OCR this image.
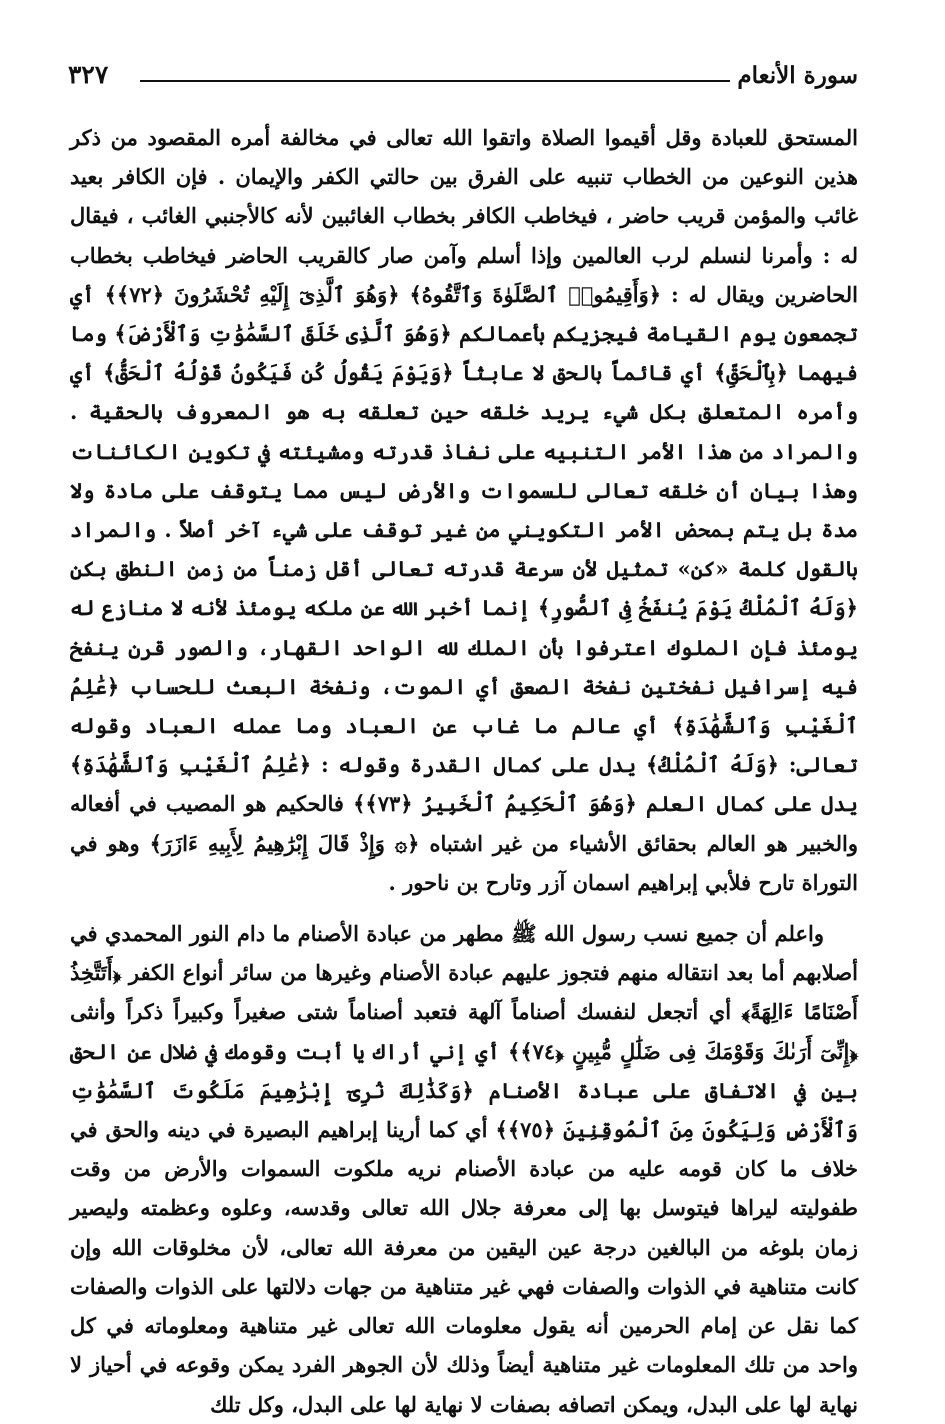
سورة الأنعام
٣٢٧

المستحق للعبادة وقل أقيموا الصلاة واتقوا الله تعالى في مخالفة أمره المقصود من ذكر هذين النوعين من الخطاب تنبيه على الفرق بين حالتي الكفر والإيمان . فإن الكافر بعيد غائب والمؤمن قريب حاضر ، فيخاطب الكافر بخطاب الغائبين لأنه كالأجنبي الغائب ، فيقال له : وأمرنا لنسلم لرب العالمين وإذا أسلم وآمن صار كالقريب الحاضر فيخاطب بخطاب الحاضرين ويقال له : ﴿وَأَقِيمُوا۟ ٱلصَّلَوٰةَ وَٱتَّقُوهُ﴾ ﴿وَهُوَ ٱلَّذِىٓ إِلَيْهِ تُحْشَرُونَ ﴿٧٢﴾﴾ أي تجمعون يوم القيامة فيجزيكم بأعمالكم ﴿وَهُوَ ٱلَّذِى خَلَقَ ٱلسَّمَٰوَٰتِ وَٱلْأَرْضَ﴾ وما فيهما ﴿بِٱلْحَقِّ﴾ أي قائماً بالحق لا عابثاً ﴿وَيَوْمَ يَقُولُ كُن فَيَكُونُ قَوْلُهُ ٱلْحَقُّ﴾ أي وأمره المتعلق بكل شيء يريد خلقه حين تعلقه به هو المعروف بالحقية . والمراد من هذا الأمر التنبيه على نفاذ قدرته ومشيئته في تكوين الكائنات وهذا بيان أن خلقه تعالى للسموات والأرض ليس مما يتوقف على مادة ولا مدة بل يتم بمحض الأمر التكويني من غير توقف على شيء آخر أصلاً . والمراد بالقول كلمة «كن» تمثيل لأن سرعة قدرته تعالى أقل زمناً من زمن النطق بكن ﴿وَلَهُ ٱلْمُلْكُ يَوْمَ يُنفَخُ فِى ٱلصُّورِ﴾ إنما أخبر الله عن ملكه يومئذ لأنه لا منازع له يومئذ فإن الملوك اعترفوا بأن الملك لله الواحد القهار، والصور قرن ينفخ فيه إسرافيل نفختين نفخة الصعق أي الموت، ونفخة البعث للحساب ﴿عَٰلِمُ ٱلْغَيْبِ وَٱلشَّهَٰدَةِ﴾ أي عالم ما غاب عن العباد وما عمله العباد وقوله تعالى: ﴿وَلَهُ ٱلْمُلْكُ﴾ يدل على كمال القدرة وقوله : ﴿عَٰلِمُ ٱلْغَيْبِ وَٱلشَّهَٰدَةِ﴾ يدل على كمال العلم ﴿وَهُوَ ٱلْحَكِيمُ ٱلْخَبِيرُ ﴿٧٣﴾﴾ فالحكيم هو المصيب في أفعاله والخبير هو العالم بحقائق الأشياء من غير اشتباه ﴿۞ وَإِذْ قَالَ إِبْرَٰهِيمُ لِأَبِيهِ ءَازَرَ﴾ وهو في التوراة تارح فلأبي إبراهيم اسمان آزر وتارح بن ناحور .

واعلم أن جميع نسب رسول الله ﷺ مطهر من عبادة الأصنام ما دام النور المحمدي في أصلابهم أما بعد انتقاله منهم فتجوز عليهم عبادة الأصنام وغيرها من سائر أنواع الكفر ﴿أَتَتَّخِذُ أَصْنَامًا ءَالِهَةً﴾ أي أتجعل لنفسك أصناماً آلهة فتعبد أصناماً شتى صغيراً وكبيراً ذكراً وأنثى ﴿إِنِّىٓ أَرَىٰكَ وَقَوْمَكَ فِى ضَلَٰلٍ مُّبِينٍ ﴿٧٤﴾﴾ أي إني أراك يا أبت وقومك في ضلال عن الحق بين في الاتفاق على عبادة الأصنام ﴿وَكَذَٰلِكَ نُرِىٓ إِبْرَٰهِيمَ مَلَكُوتَ ٱلسَّمَٰوَٰتِ وَٱلْأَرْضِ وَلِيَكُونَ مِنَ ٱلْمُوقِنِينَ ﴿٧٥﴾﴾ أي كما أرينا إبراهيم البصيرة في دينه والحق في خلاف ما كان قومه عليه من عبادة الأصنام نريه ملكوت السموات والأرض من وقت طفوليته ليراها فيتوسل بها إلى معرفة جلال الله تعالى وقدسه، وعلوه وعظمته وليصير زمان بلوغه من البالغين درجة عين اليقين من معرفة الله تعالى، لأن مخلوقات الله وإن كانت متناهية في الذوات والصفات فهي غير متناهية من جهات دلالتها على الذوات والصفات كما نقل عن إمام الحرمين أنه يقول معلومات الله تعالى غير متناهية ومعلوماته في كل واحد من تلك المعلومات غير متناهية أيضاً وذلك لأن الجوهر الفرد يمكن وقوعه في أحياز لا نهاية لها على البدل، ويمكن اتصافه بصفات لا نهاية لها على البدل، وكل تلك
